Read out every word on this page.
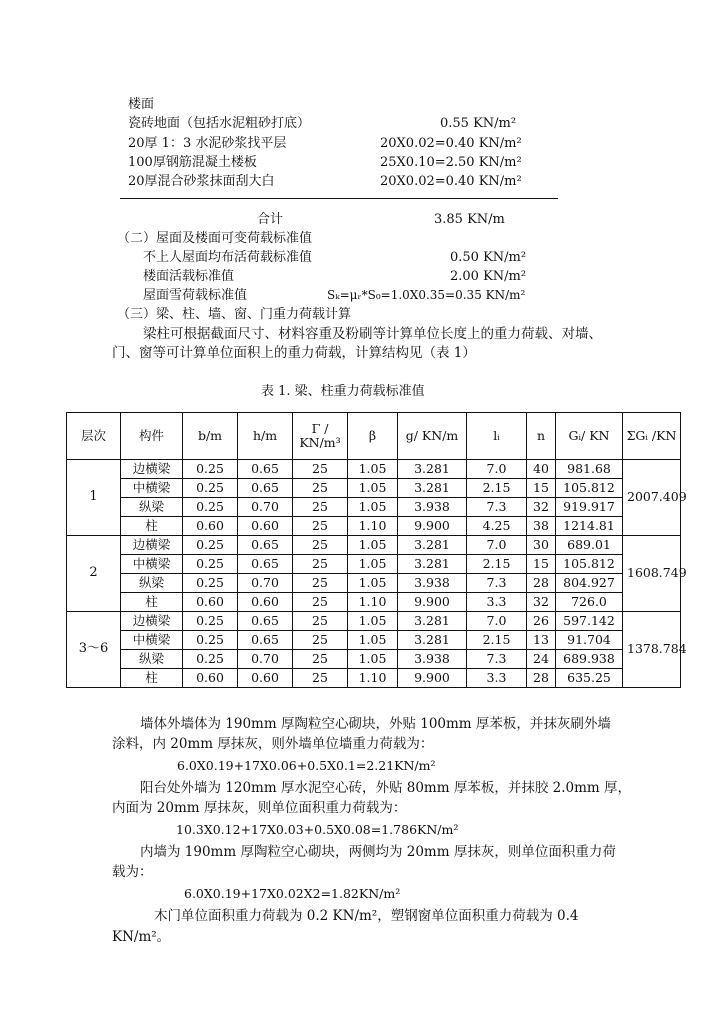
楼面
瓷砖地面（包括水泥粗砂打底）	0.55 KN/m²
20厚 1：3 水泥砂浆找平层	20X0.02=0.40 KN/m²
100厚钢筋混凝土楼板	25X0.10=2.50 KN/m²
20厚混合砂浆抹面刮大白	20X0.02=0.40 KN/m²
合计	3.85 KN/m
（二）屋面及楼面可变荷载标准值
不上人屋面均布活荷载标准值	0.50 KN/m²
楼面活载标准值	2.00 KN/m²
屋面雪荷载标准值	Sₖ=μᵣ*S₀=1.0X0.35=0.35 KN/m²
（三）梁、柱、墙、窗、门重力荷载计算
梁柱可根据截面尺寸、材料容重及粉刷等计算单位长度上的重力荷载、对墙、
门、窗等可计算单位面积上的重力荷载，计算结构见（表 1）
表 1. 梁、柱重力荷载标准值
层次	构件	b/m	h/m	Γ / KN/m³	β	g/ KN/m	lᵢ	n	Gᵢ/ KN	ΣGᵢ /KN
1	边横梁	0.25	0.65	25	1.05	3.281	7.0	40	981.68	2007.409
	中横梁	0.25	0.65	25	1.05	3.281	2.15	15	105.812	
	纵梁	0.25	0.70	25	1.05	3.938	7.3	32	919.917	
	柱	0.60	0.60	25	1.10	9.900	4.25	38	1214.81	
2	边横梁	0.25	0.65	25	1.05	3.281	7.0	30	689.01	1608.749
	中横梁	0.25	0.65	25	1.05	3.281	2.15	15	105.812	
	纵梁	0.25	0.70	25	1.05	3.938	7.3	28	804.927	
	柱	0.60	0.60	25	1.10	9.900	3.3	32	726.0	
3～6	边横梁	0.25	0.65	25	1.05	3.281	7.0	26	597.142	1378.784
	中横梁	0.25	0.65	25	1.05	3.281	2.15	13	91.704	
	纵梁	0.25	0.70	25	1.05	3.938	7.3	24	689.938	
	柱	0.60	0.60	25	1.10	9.900	3.3	28	635.25	
墙体外墙体为 190mm 厚陶粒空心砌块，外贴 100mm 厚苯板，并抹灰刷外墙
涂料，内 20mm 厚抹灰，则外墙单位墙重力荷载为：
6.0X0.19+17X0.06+0.5X0.1=2.21KN/m²
阳台处外墙为 120mm 厚水泥空心砖，外贴 80mm 厚苯板，并抹胶 2.0mm 厚，
内面为 20mm 厚抹灰，则单位面积重力荷载为：
10.3X0.12+17X0.03+0.5X0.08=1.786KN/m²
内墙为 190mm 厚陶粒空心砌块，两侧均为 20mm 厚抹灰，则单位面积重力荷
载为：
6.0X0.19+17X0.02X2=1.82KN/m²
木门单位面积重力荷载为 0.2 KN/m²，塑钢窗单位面积重力荷载为 0.4
KN/m²。
